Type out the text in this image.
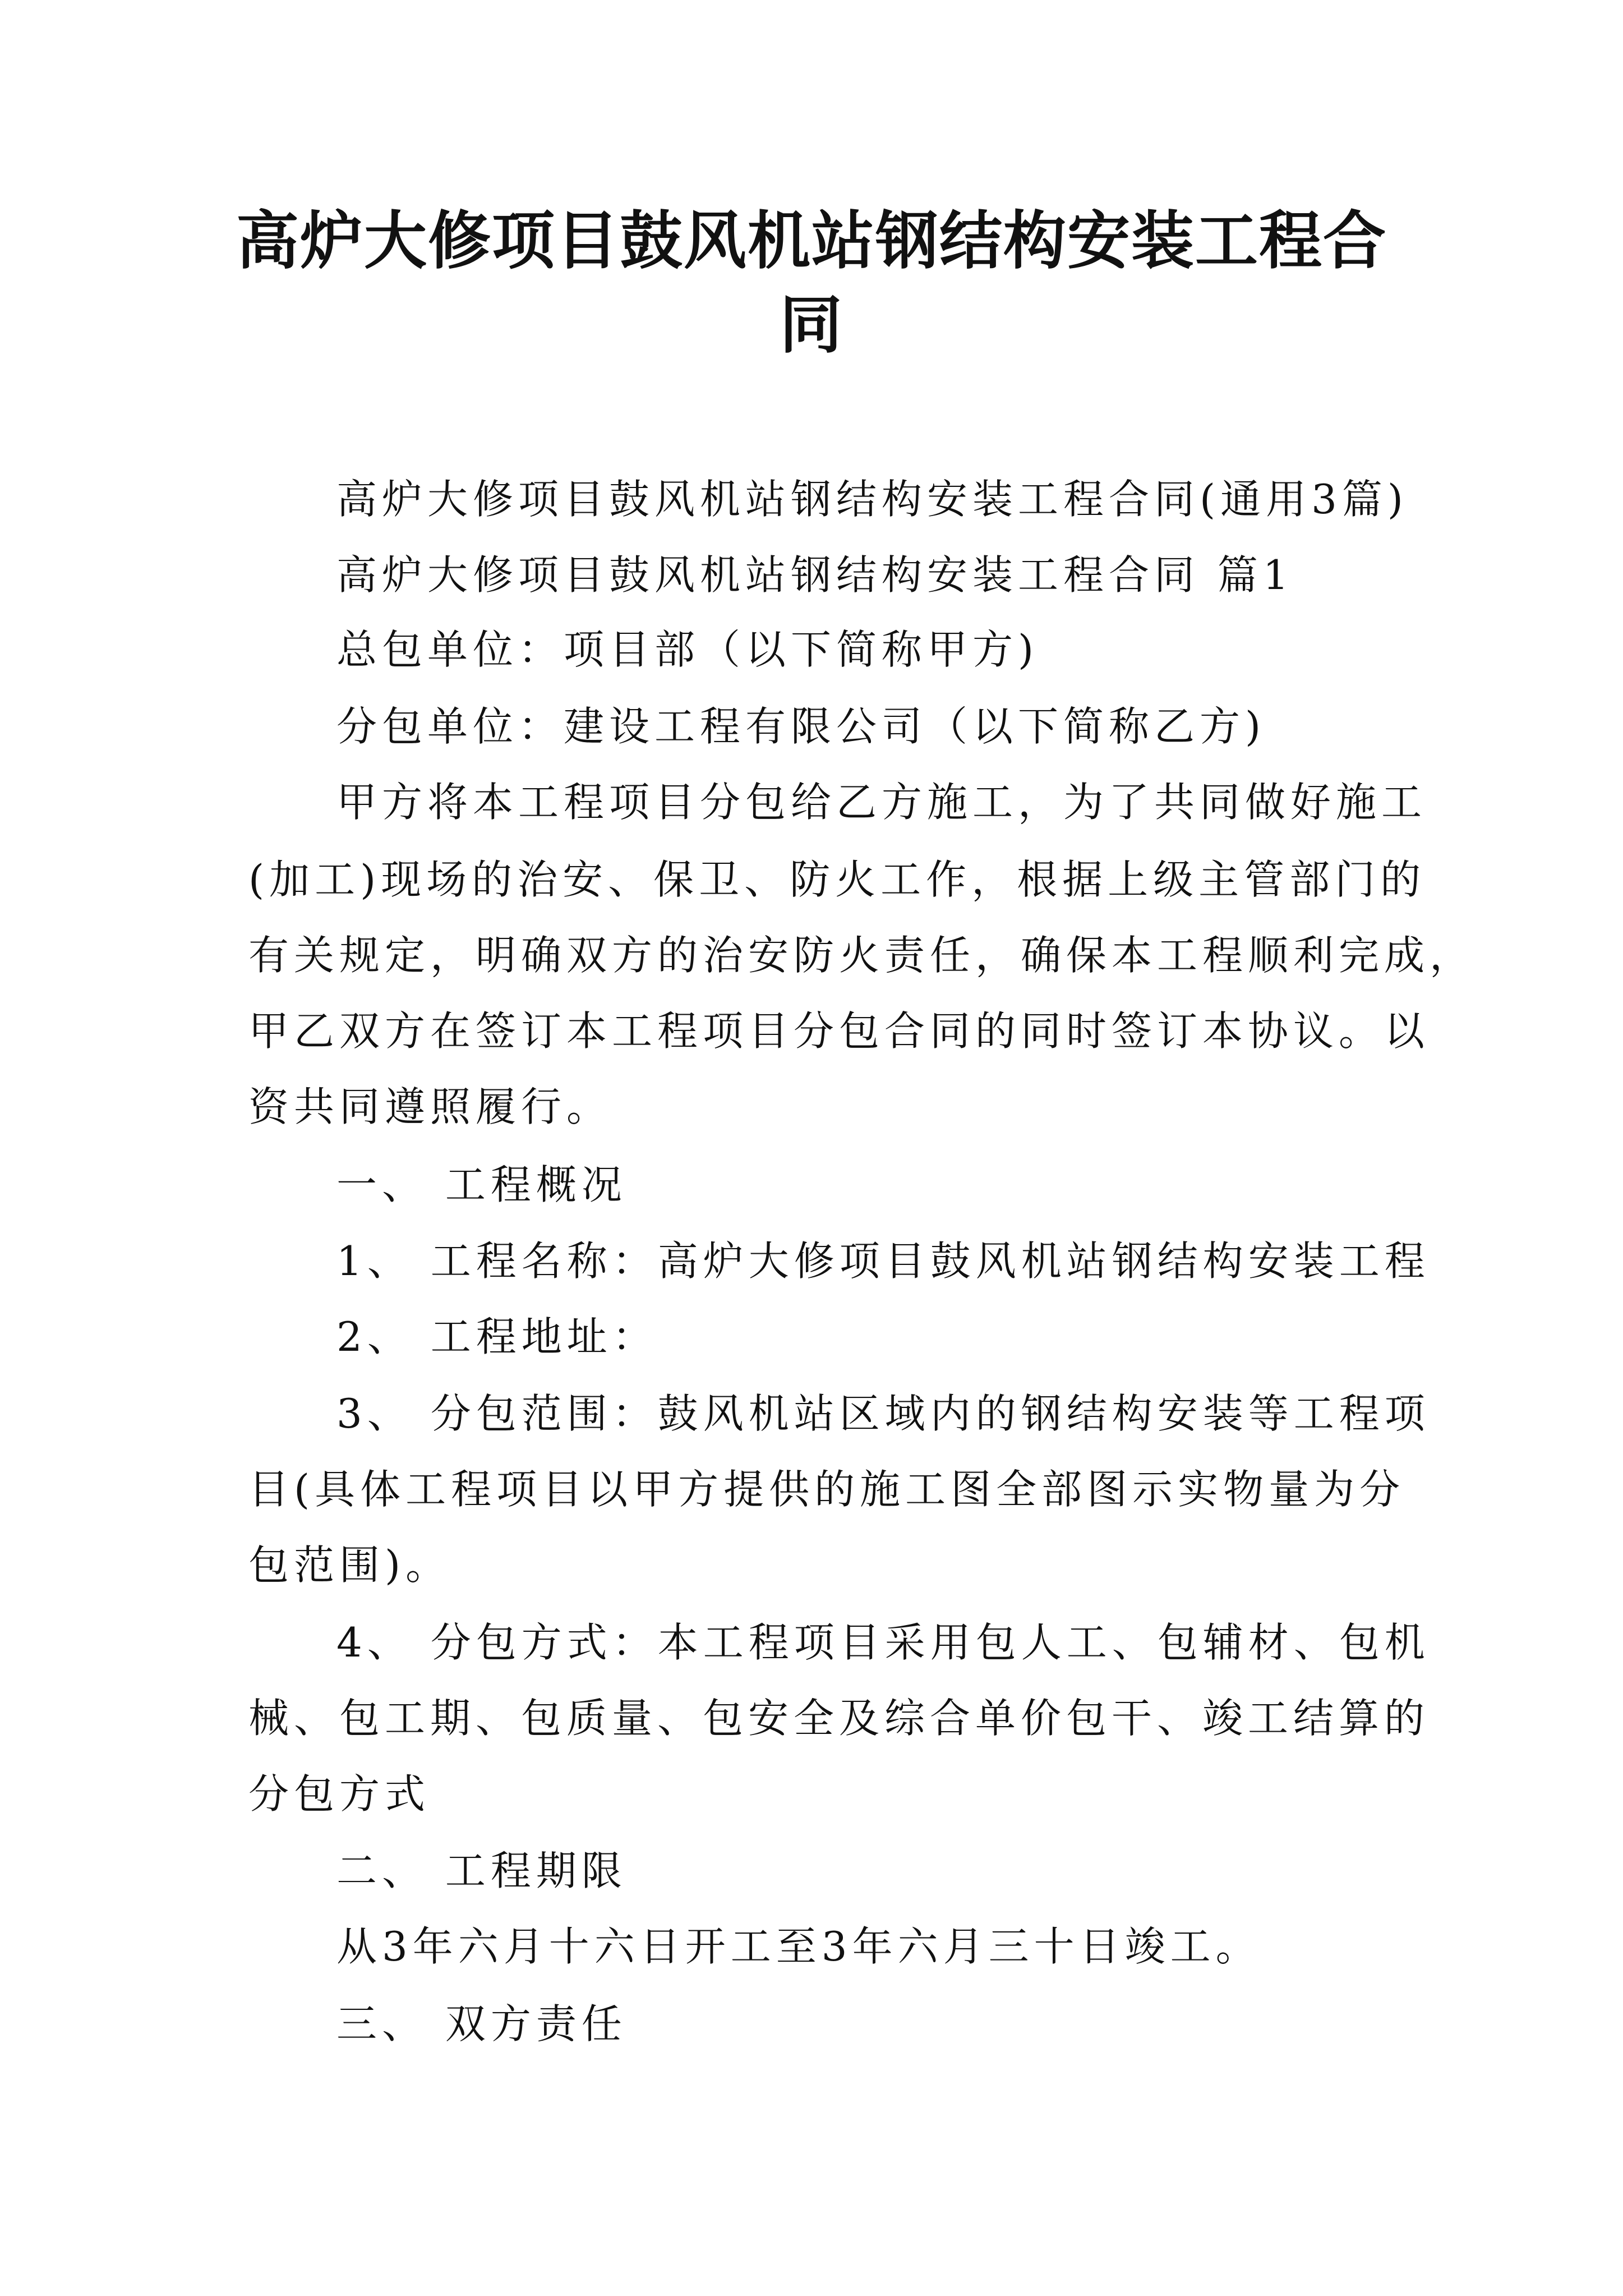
高炉大修项目鼓风机站钢结构安装工程合
同

高炉大修项目鼓风机站钢结构安装工程合同(通用3篇)

高炉大修项目鼓风机站钢结构安装工程合同 篇1

总包单位：项目部（以下简称甲方)

分包单位：建设工程有限公司（以下简称乙方)

甲方将本工程项目分包给乙方施工，为了共同做好施工

(加工)现场的治安、保卫、防火工作，根据上级主管部门的

有关规定，明确双方的治安防火责任，确保本工程顺利完成，

甲乙双方在签订本工程项目分包合同的同时签订本协议。以

资共同遵照履行。

一、 工程概况

1、 工程名称：高炉大修项目鼓风机站钢结构安装工程

2、 工程地址：

3、 分包范围：鼓风机站区域内的钢结构安装等工程项

目(具体工程项目以甲方提供的施工图全部图示实物量为分

包范围)。

4、 分包方式：本工程项目采用包人工、包辅材、包机

械、包工期、包质量、包安全及综合单价包干、竣工结算的

分包方式

二、 工程期限

从3年六月十六日开工至3年六月三十日竣工。

三、 双方责任
